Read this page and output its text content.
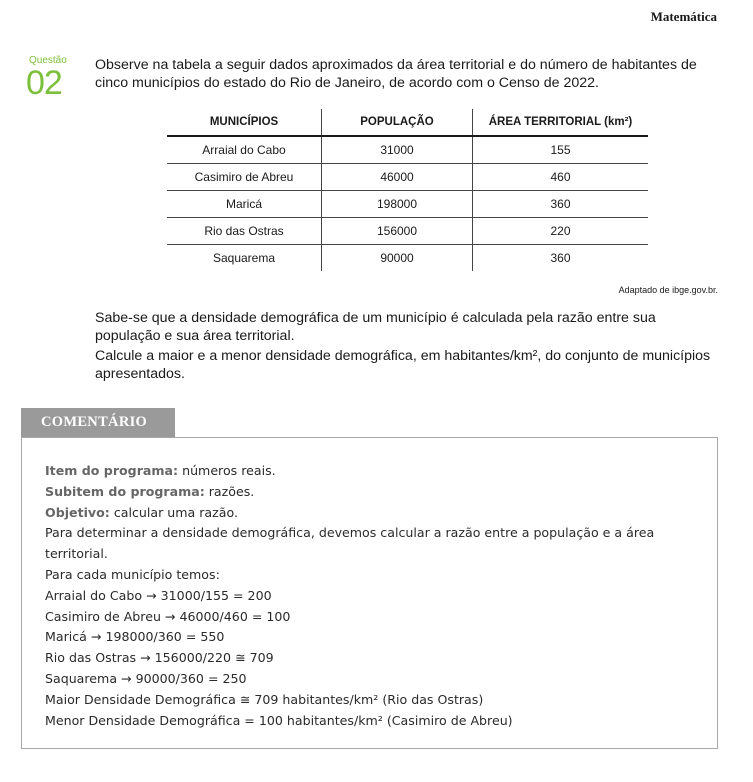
Matemática
Questão
02 Observe na tabela a seguir dados aproximados da área territorial e do número de habitantes de cinco municípios do estado do Rio de Janeiro, de acordo com o Censo de 2022.
MUNICÍPIOS	POPULAÇÃO	ÁREA TERRITORIAL (km²)
Arraial do Cabo	31000	155
Casimiro de Abreu	46000	460
Maricá	198000	360
Rio das Ostras	156000	220
Saquarema	90000	360
Adaptado de ibge.gov.br.
Sabe-se que a densidade demográfica de um município é calculada pela razão entre sua população e sua área territorial.
Calcule a maior e a menor densidade demográfica, em habitantes/km², do conjunto de municípios apresentados.
COMENTÁRIO
Item do programa: números reais.
Subitem do programa: razões.
Objetivo: calcular uma razão.
Para determinar a densidade demográfica, devemos calcular a razão entre a população e a área territorial.
Para cada município temos:
Arraial do Cabo → 31000/155 = 200
Casimiro de Abreu → 46000/460 = 100
Maricá → 198000/360 = 550
Rio das Ostras → 156000/220 ≅ 709
Saquarema → 90000/360 = 250
Maior Densidade Demográfica ≅ 709 habitantes/km² (Rio das Ostras)
Menor Densidade Demográfica = 100 habitantes/km² (Casimiro de Abreu)
